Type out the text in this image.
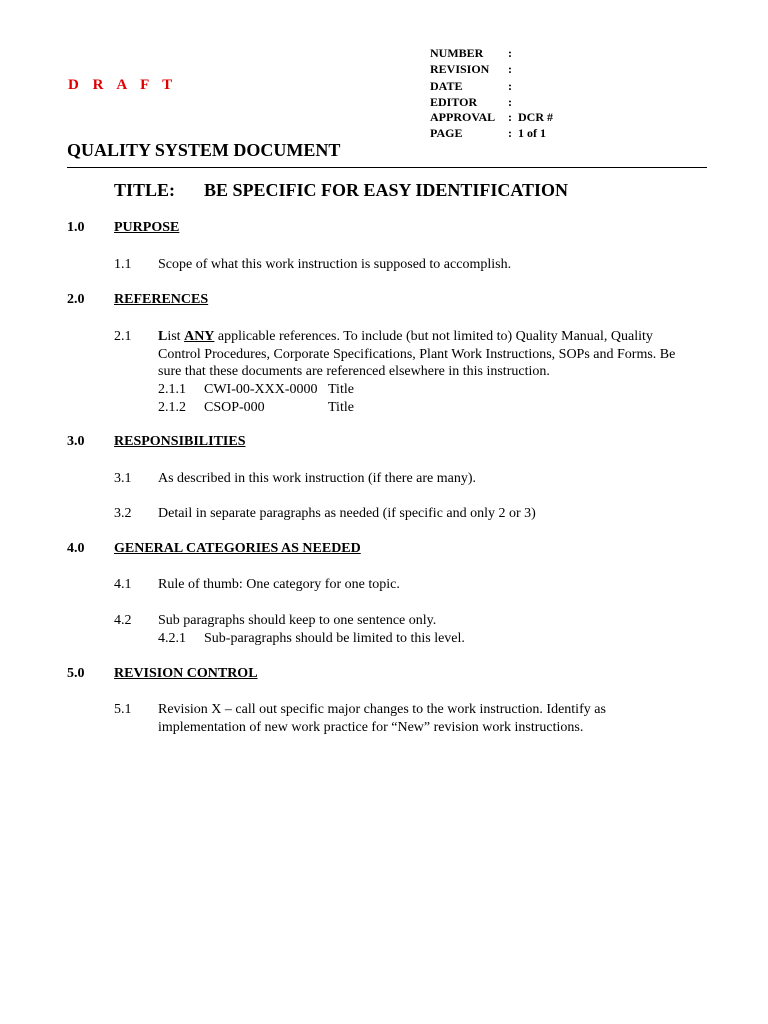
D R A F T
NUMBER	:
REVISION	:
DATE	:
EDITOR	:
APPROVAL	: DCR #
PAGE	: 1 of 1
QUALITY SYSTEM DOCUMENT
TITLE:	BE SPECIFIC FOR EASY IDENTIFICATION
1.0	PURPOSE
1.1	Scope of what this work instruction is supposed to accomplish.
2.0	REFERENCES
2.1	List ANY applicable references. To include (but not limited to) Quality Manual, Quality Control Procedures, Corporate Specifications, Plant Work Instructions, SOPs and Forms. Be sure that these documents are referenced elsewhere in this instruction.
2.1.1	CWI-00-XXX-0000 Title
2.1.2	CSOP-000	Title
3.0	RESPONSIBILITIES
3.1	As described in this work instruction (if there are many).
3.2	Detail in separate paragraphs as needed (if specific and only 2 or 3)
4.0	GENERAL CATEGORIES AS NEEDED
4.1	Rule of thumb: One category for one topic.
4.2	Sub paragraphs should keep to one sentence only.
4.2.1	Sub-paragraphs should be limited to this level.
5.0	REVISION CONTROL
5.1	Revision X – call out specific major changes to the work instruction. Identify as implementation of new work practice for “New” revision work instructions.
